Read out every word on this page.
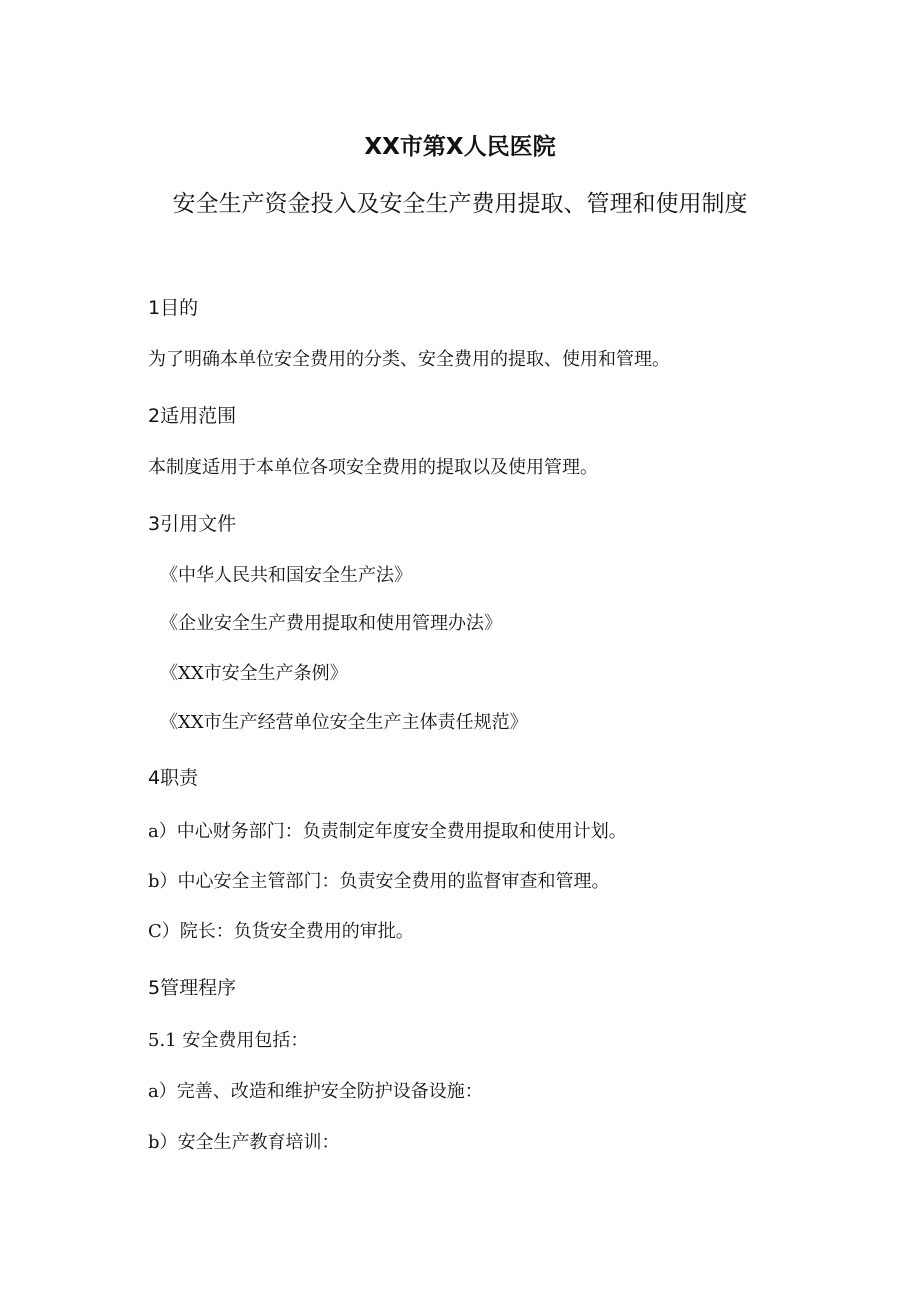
XX市第X人民医院
安全生产资金投入及安全生产费用提取、管理和使用制度
1目的
为了明确本单位安全费用的分类、安全费用的提取、使用和管理。
2适用范围
本制度适用于本单位各项安全费用的提取以及使用管理。
3引用文件
《中华人民共和国安全生产法》
《企业安全生产费用提取和使用管理办法》
《XX市安全生产条例》
《XX市生产经营单位安全生产主体责任规范》
4职责
a）中心财务部门：负责制定年度安全费用提取和使用计划。
b）中心安全主管部门：负责安全费用的监督审查和管理。
C）院长：负货安全费用的审批。
5管理程序
5.1 安全费用包括：
a）完善、改造和维护安全防护设备设施：
b）安全生产教育培训：
